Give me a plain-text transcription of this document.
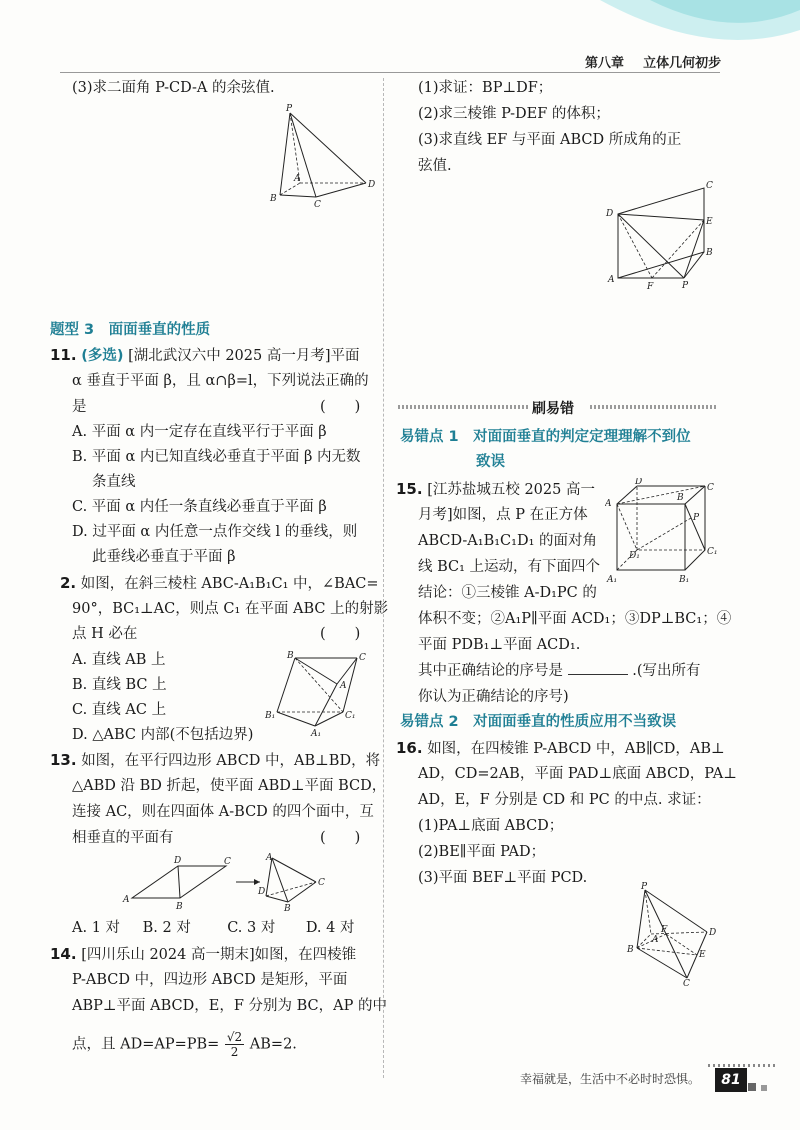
第八章 立体几何初步
(3)求二面角 P-CD-A 的余弦值.
P
B
C
D
A
题型 3　面面垂直的性质
11. (多选) [湖北武汉六中 2025 高一月考]平面
α 垂直于平面 β，且 α∩β=l，下列说法正确的
是	(　　)
A. 平面 α 内一定存在直线平行于平面 β
B. 平面 α 内已知直线必垂直于平面 β 内无数
条直线
C. 平面 α 内任一条直线必垂直于平面 β
D. 过平面 α 内任意一点作交线 l 的垂线，则
此垂线必垂直于平面 β
2. 如图，在斜三棱柱 ABC-A₁B₁C₁ 中，∠BAC=
90°，BC₁⊥AC，则点 C₁ 在平面 ABC 上的射影
点 H 必在	(　　)
A. 直线 AB 上
B. 直线 BC 上
C. 直线 AC 上
D. △ABC 内部(不包括边界)
B	C
A
B₁	C₁
A₁
13. 如图，在平行四边形 ABCD 中，AB⊥BD，将
△ABD 沿 BD 折起，使平面 ABD⊥平面 BCD，
连接 AC，则在四面体 A-BCD 的四个面中，互
相垂直的平面有	(　　)
A
B
D	C	A
D
B
C
A. 1 对 B. 2 对	C. 3 对 D. 4 对
14. [四川乐山 2024 高一期末]如图，在四棱锥
P-ABCD 中，四边形 ABCD 是矩形，平面
ABP⊥平面 ABCD，E，F 分别为 BC，AP 的中
点，且 $AD=AP=PB= \frac{√2}{2} AB=2$.
(1)求证：BP⊥DF；
(2)求三棱锥 P-DEF 的体积；
(3)求直线 EF 与平面 ABCD 所成角的正
弦值.
D
C
E
B
A
F	P
刷易错
易错点 1　对面面垂直的判定定理理解不到位
致误
15. [江苏盐城五校 2025 高一
月考]如图，点 P 在正方体
ABCD-A₁B₁C₁D₁ 的面对角
线 BC₁ 上运动，有下面四个
结论：①三棱锥 A-D₁PC 的
体积不变；②A₁P∥平面 ACD₁；③DP⊥BC₁；④
平面 PDB₁⊥平面 ACD₁.
其中正确结论的序号是	.(写出所有
你认为正确结论的序号)
D
C
A
B
P
D₁	C₁
A₁	B₁
易错点 2　对面面垂直的性质应用不当致误
16. 如图，在四棱锥 P-ABCD 中，AB∥CD，AB⊥
AD，CD=2AB，平面 PAD⊥底面 ABCD，PA⊥
AD，E，F 分别是 CD 和 PC 的中点. 求证：
(1)PA⊥底面 ABCD；
(2)BE∥平面 PAD；
(3)平面 BEF⊥平面 PCD.
P
F
A
D
B	E
C
幸福就是，生活中不必时时恐惧。	81
